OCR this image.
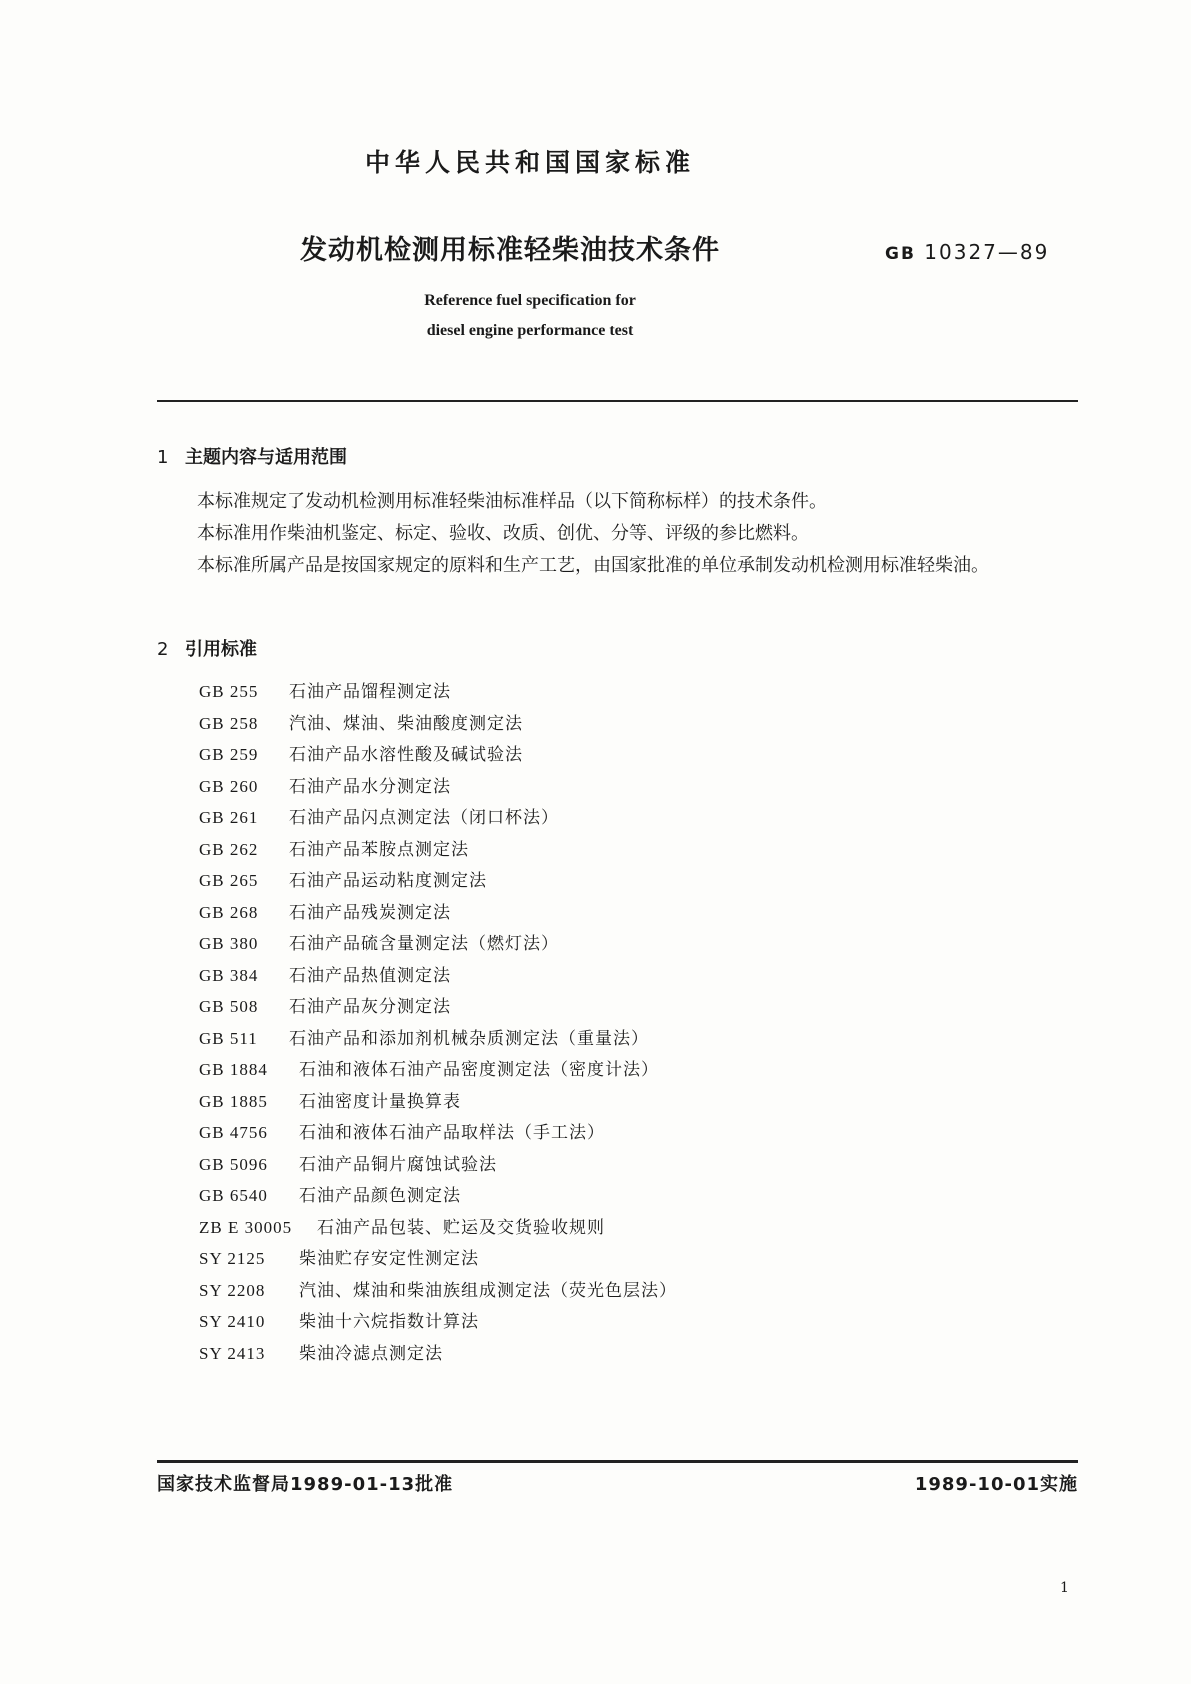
中华人民共和国国家标准
发动机检测用标准轻柴油技术条件	GB 10327—89
Reference fuel specification for
diesel engine performance test
1 主题内容与适用范围
本标准规定了发动机检测用标准轻柴油标准样品（以下简称标样）的技术条件。
本标准用作柴油机鉴定、标定、验收、改质、创优、分等、评级的参比燃料。
本标准所属产品是按国家规定的原料和生产工艺，由国家批准的单位承制发动机检测用标准轻柴油。
2 引用标准
GB 255 石油产品馏程测定法
GB 258 汽油、煤油、柴油酸度测定法
GB 259 石油产品水溶性酸及碱试验法
GB 260 石油产品水分测定法
GB 261 石油产品闪点测定法（闭口杯法）
GB 262 石油产品苯胺点测定法
GB 265 石油产品运动粘度测定法
GB 268 石油产品残炭测定法
GB 380 石油产品硫含量测定法（燃灯法）
GB 384 石油产品热值测定法
GB 508 石油产品灰分测定法
GB 511 石油产品和添加剂机械杂质测定法（重量法）
GB 1884 石油和液体石油产品密度测定法（密度计法）
GB 1885 石油密度计量换算表
GB 4756 石油和液体石油产品取样法（手工法）
GB 5096 石油产品铜片腐蚀试验法
GB 6540 石油产品颜色测定法
ZB E 30005 石油产品包装、贮运及交货验收规则
SY 2125 柴油贮存安定性测定法
SY 2208 汽油、煤油和柴油族组成测定法（荧光色层法）
SY 2410 柴油十六烷指数计算法
SY 2413 柴油冷滤点测定法
国家技术监督局1989-01-13批准	1989-10-01实施
1
